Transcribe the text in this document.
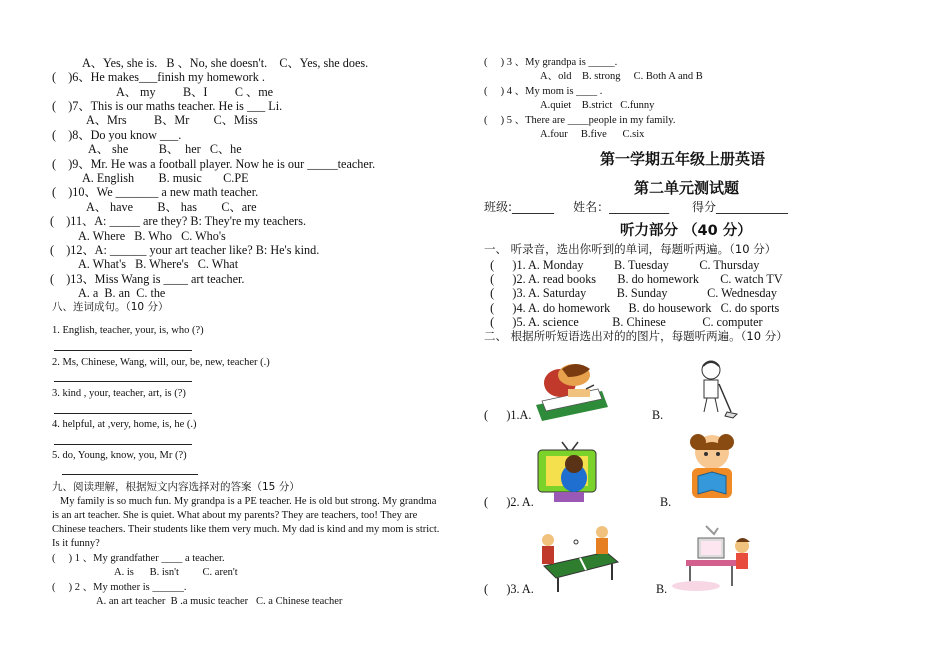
A、Yes, she is.   B 、No, she doesn't.    C、Yes, she does.
(    )6、He makes___finish my homework .
A、 my         B、I         C 、me
(    )7、This is our maths teacher. He is ___ Li.
A、Mrs         B、Mr        C、Miss
(    )8、Do you know ___.
A、 she          B、  her   C、he
(    )9、Mr. He was a football player. Now he is our _____teacher.
A. English        B. music       C.PE
(    )10、We _______ a new math teacher.
A、 have        B、 has        C、are
(    )11、A: _____ are they? B: They're my teachers.
A. Where   B. Who   C. Who's
(    )12、A: ______ your art teacher like? B: He's kind.
A. What's   B. Where's   C. What
(    )13、Miss Wang is ____ art teacher.
A. a  B. an  C. the
八、连词成句。（10 分）
1. English, teacher, your, is, who (?)
2. Ms, Chinese, Wang, will, our, be, new, teacher (.)
3. kind , your, teacher, art, is (?)
4. helpful, at ,very, home, is, he (.)
5. do, Young, know, you, Mr (?)
九、阅读理解，根据短文内容选择对的答案（15 分）
My family is so much fun. My grandpa is a PE teacher. He is old but strong. My grandma
is an art teacher. She is quiet. What about my parents? They are teachers, too! They are
Chinese teachers. Their students like them very much. My dad is kind and my mom is strict.
Is it funny?
(     ) 1 、My grandfather ____ a teacher.
A. is      B. isn't         C. aren't
(     ) 2 、My mother is ______.
A. an art teacher  B .a music teacher   C. a Chinese teacher
(     ) 3 、My grandpa is _____.
A、old    B. strong     C. Both A and B
(     ) 4 、My mom is ____ .
A.quiet    B.strict   C.funny
(     ) 5 、There are ____people in my family.
A.four     B.five      C.six
第一学期五年级上册英语
第二单元测试题
班级:_______     姓名：__________      得分____________
听力部分 （40 分）
一、 听录音，选出你听到的单词，每题听两遍。（10 分）
(      )1. A. Monday          B. Tuesday          C. Thursday
(      )2. A. read books       B. do homework       C. watch TV
(      )3. A. Saturday          B. Sunday             C. Wednesday
(      )4. A. do homework      B. do housework   C. do sports
(      )5. A. science           B. Chinese            C. computer
二、 根据所听短语选出对的的图片，每题听两遍。（10 分）
(      )1.A.	B.
(      )2. A.	B.
(      )3. A.	B.
